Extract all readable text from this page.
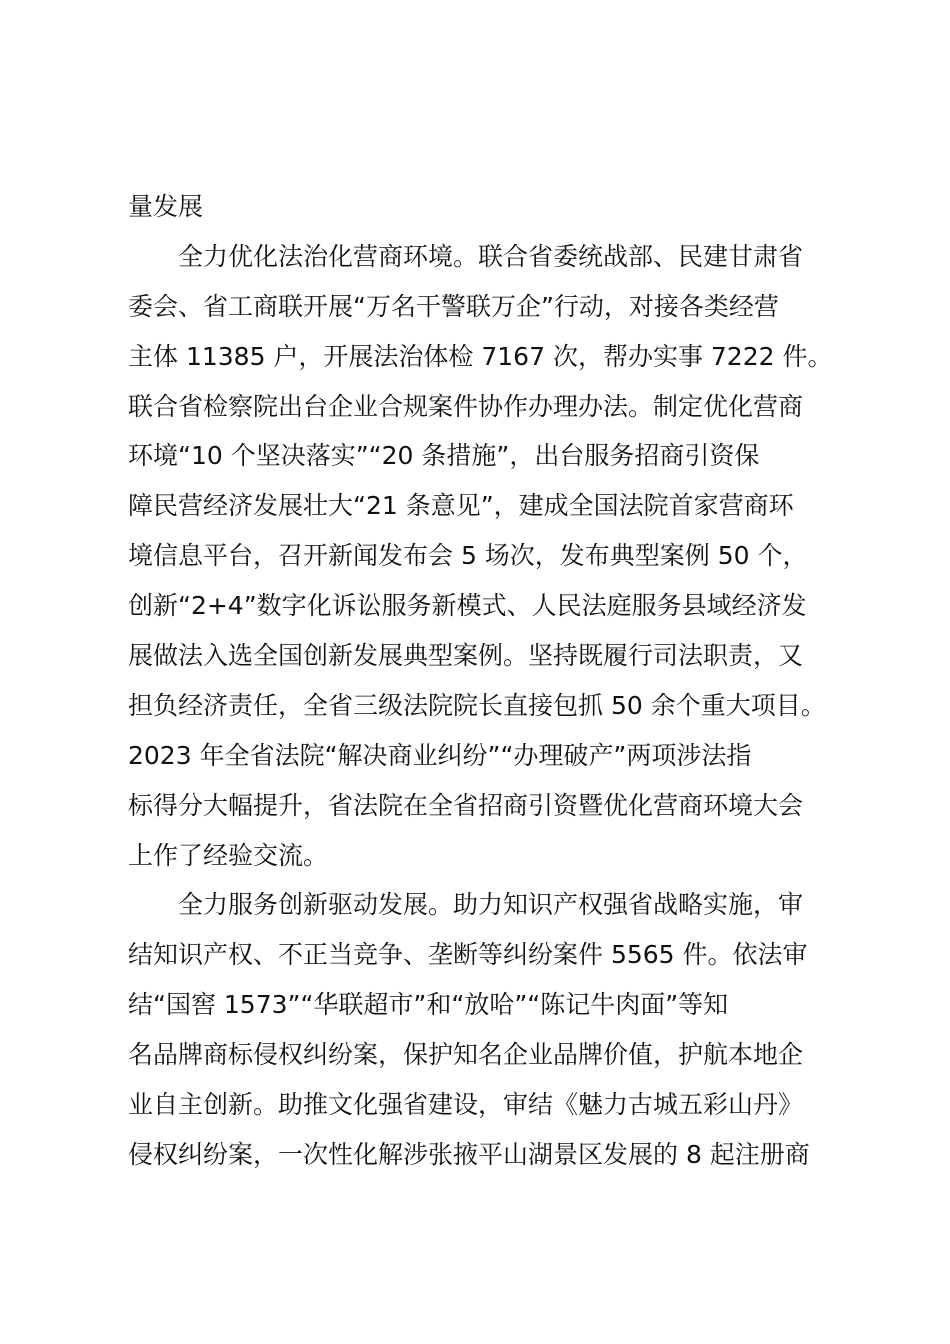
量发展
全力优化法治化营商环境。联合省委统战部、民建甘肃省
委会、省工商联开展“万名干警联万企”行动，对接各类经营
主体 11385 户，开展法治体检 7167 次，帮办实事 7222 件。
联合省检察院出台企业合规案件协作办理办法。制定优化营商
环境“10 个坚决落实”“20 条措施”，出台服务招商引资保
障民营经济发展壮大“21 条意见”，建成全国法院首家营商环
境信息平台，召开新闻发布会 5 场次，发布典型案例 50 个，
创新“2+4”数字化诉讼服务新模式、人民法庭服务县域经济发
展做法入选全国创新发展典型案例。坚持既履行司法职责，又
担负经济责任，全省三级法院院长直接包抓 50 余个重大项目。
2023 年全省法院“解决商业纠纷”“办理破产”两项涉法指
标得分大幅提升，省法院在全省招商引资暨优化营商环境大会
上作了经验交流。
全力服务创新驱动发展。助力知识产权强省战略实施，审
结知识产权、不正当竞争、垄断等纠纷案件 5565 件。依法审
结“国窖 1573”“华联超市”和“放哈”“陈记牛肉面”等知
名品牌商标侵权纠纷案，保护知名企业品牌价值，护航本地企
业自主创新。助推文化强省建设，审结《魅力古城五彩山丹》
侵权纠纷案，一次性化解涉张掖平山湖景区发展的 8 起注册商
